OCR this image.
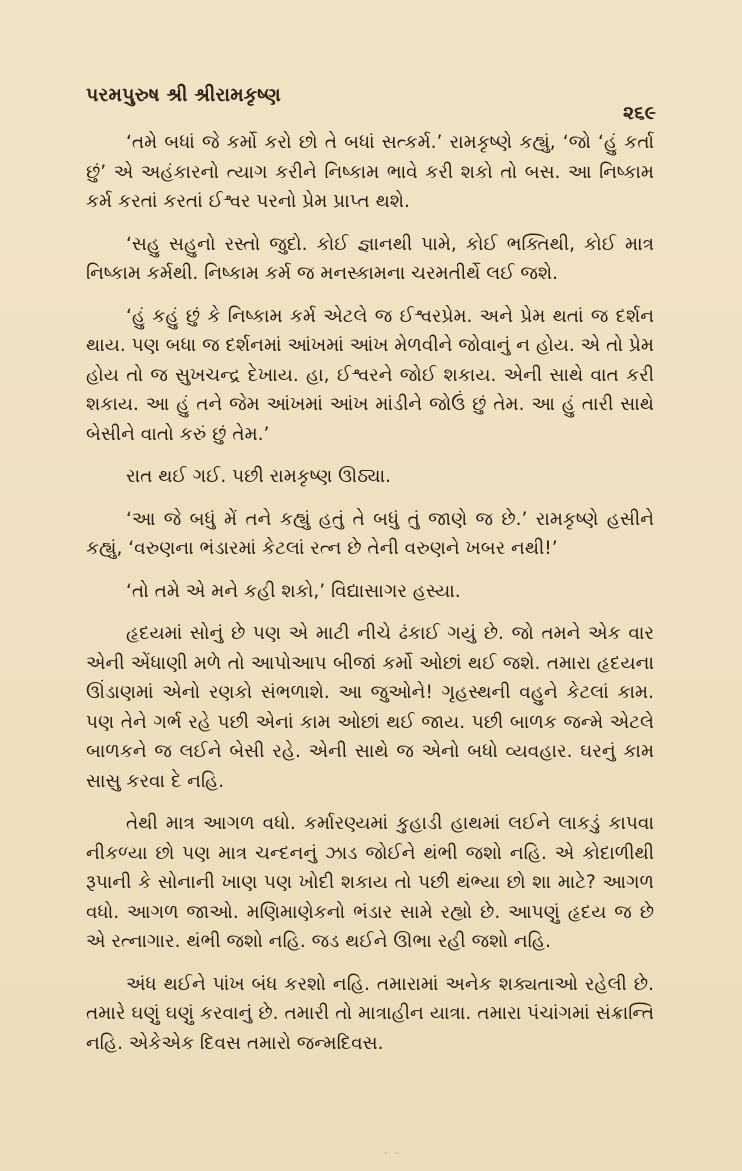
પરમપુરુષ શ્રી શ્રીરામકૃષ્ણ
૨૬૯

‘તમે બધાં જે કર્મો કરો છો તે બધાં સત્કર્મ.’ રામકૃષ્ણે કહ્યું, ‘જો ‘હું કર્તા છું’ એ અહંકારનો ત્યાગ કરીને નિષ્કામ ભાવે કરી શકો તો બસ. આ નિષ્કામ કર્મ કરતાં કરતાં ઈશ્વર પરનો પ્રેમ પ્રાપ્ત થશે.

‘સહુ સહુનો રસ્તો જુદો. કોઈ જ્ઞાનથી પામે, કોઈ ભક્તિથી, કોઈ માત્ર નિષ્કામ કર્મથી. નિષ્કામ કર્મ જ મનસ્કામના ચરમતીર્થે લઈ જશે.

‘હું કહું છું કે નિષ્કામ કર્મ એટલે જ ઈશ્વરપ્રેમ. અને પ્રેમ થતાં જ દર્શન થાય. પણ બધા જ દર્શનમાં આંખમાં આંખ મેળવીને જોવાનું ન હોય. એ તો પ્રેમ હોય તો જ સુખચન્દ્ર દેખાય. હા, ઈશ્વરને જોઈ શકાય. એની સાથે વાત કરી શકાય. આ હું તને જેમ આંખમાં આંખ માંડીને જોઉં છું તેમ. આ હું તારી સાથે બેસીને વાતો કરું છું તેમ.’

રાત થઈ ગઈ. પછી રામકૃષ્ણ ઊઠ્યા.

‘આ જે બધું મેં તને કહ્યું હતું તે બધું તું જાણે જ છે.’ રામકૃષ્ણે હસીને કહ્યું, ‘વરુણના ભંડારમાં કેટલાં રત્ન છે તેની વરુણને ખબર નથી!’

‘તો તમે એ મને કહી શકો,’ વિદ્યાસાગર હસ્યા.

હૃદયમાં સોનું છે પણ એ માટી નીચે ઢંકાઈ ગયું છે. જો તમને એક વાર એની એંધાણી મળે તો આપોઆપ બીજાં કર્મો ઓછાં થઈ જશે. તમારા હૃદયના ઊંડાણમાં એનો રણકો સંભળાશે. આ જુઓને! ગૃહસ્થની વહુને કેટલાં કામ. પણ તેને ગર્ભ રહે પછી એનાં કામ ઓછાં થઈ જાય. પછી બાળક જન્મે એટલે બાળકને જ લઈને બેસી રહે. એની સાથે જ એનો બધો વ્યવહાર. ઘરનું કામ સાસુ કરવા દે નહિ.

તેથી માત્ર આગળ વધો. કર્મારણ્યમાં કુહાડી હાથમાં લઈને લાકડું કાપવા નીકળ્યા છો પણ માત્ર ચન્દનનું ઝાડ જોઈને થંભી જશો નહિ. એ કોદાળીથી રૂપાની કે સોનાની ખાણ પણ ખોદી શકાય તો પછી થંભ્યા છો શા માટે? આગળ વધો. આગળ જાઓ. મણિમાણેકનો ભંડાર સામે રહ્યો છે. આપણું હૃદય જ છે એ રત્નાગાર. થંભી જશો નહિ. જડ થઈને ઊભા રહી જશો નહિ.

અંધ થઈને પાંખ બંધ કરશો નહિ. તમારામાં અનેક શક્યતાઓ રહેલી છે. તમારે ઘણું ઘણું કરવાનું છે. તમારી તો માત્રાહીન યાત્રા. તમારા પંચાંગમાં સંક્રાન્તિ નહિ. એકેએક દિવસ તમારો જન્મદિવસ.

- -
